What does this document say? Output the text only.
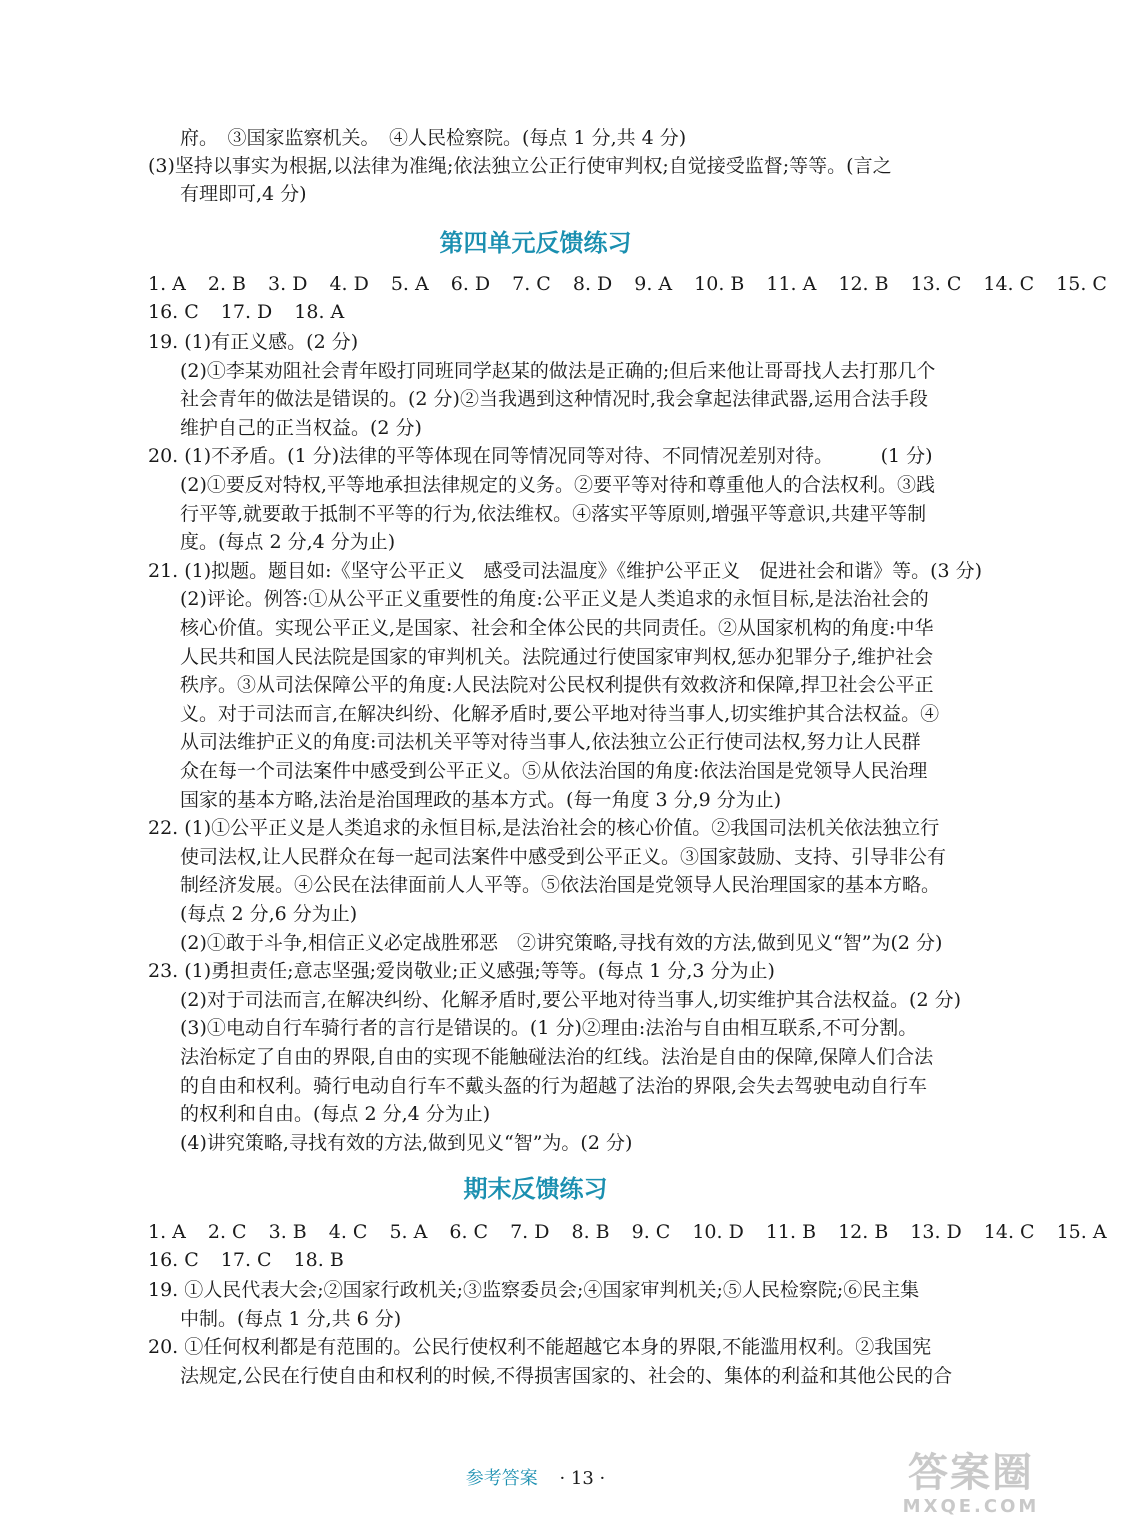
府。　③国家监察机关。　④人民检察院。(每点 1 分,共 4 分)
(3)坚持以事实为根据,以法律为准绳;依法独立公正行使审判权;自觉接受监督;等等。(言之
有理即可,4 分)
第四单元反馈练习
1. A 2. B 3. D 4. D 5. A 6. D 7. C 8. D 9. A 10. B 11. A 12. B 13. C 14. C 15. C
16. C 17. D 18. A
19. (1)有正义感。(2 分)
(2)①李某劝阻社会青年殴打同班同学赵某的做法是正确的;但后来他让哥哥找人去打那几个
社会青年的做法是错误的。(2 分)②当我遇到这种情况时,我会拿起法律武器,运用合法手段
维护自己的正当权益。(2 分)
20. (1)不矛盾。(1 分)法律的平等体现在同等情况同等对待、不同情况差别对待。　　　(1 分)
(2)①要反对特权,平等地承担法律规定的义务。②要平等对待和尊重他人的合法权利。③践
行平等,就要敢于抵制不平等的行为,依法维权。④落实平等原则,增强平等意识,共建平等制
度。(每点 2 分,4 分为止)
21. (1)拟题。题目如:《坚守公平正义　感受司法温度》《维护公平正义　促进社会和谐》等。(3 分)
(2)评论。例答:①从公平正义重要性的角度:公平正义是人类追求的永恒目标,是法治社会的
核心价值。实现公平正义,是国家、社会和全体公民的共同责任。②从国家机构的角度:中华
人民共和国人民法院是国家的审判机关。法院通过行使国家审判权,惩办犯罪分子,维护社会
秩序。③从司法保障公平的角度:人民法院对公民权利提供有效救济和保障,捍卫社会公平正
义。对于司法而言,在解决纠纷、化解矛盾时,要公平地对待当事人,切实维护其合法权益。④
从司法维护正义的角度:司法机关平等对待当事人,依法独立公正行使司法权,努力让人民群
众在每一个司法案件中感受到公平正义。⑤从依法治国的角度:依法治国是党领导人民治理
国家的基本方略,法治是治国理政的基本方式。(每一角度 3 分,9 分为止)
22. (1)①公平正义是人类追求的永恒目标,是法治社会的核心价值。②我国司法机关依法独立行
使司法权,让人民群众在每一起司法案件中感受到公平正义。③国家鼓励、支持、引导非公有
制经济发展。④公民在法律面前人人平等。⑤依法治国是党领导人民治理国家的基本方略。
(每点 2 分,6 分为止)
(2)①敢于斗争,相信正义必定战胜邪恶　②讲究策略,寻找有效的方法,做到见义“智”为(2 分)
23. (1)勇担责任;意志坚强;爱岗敬业;正义感强;等等。(每点 1 分,3 分为止)
(2)对于司法而言,在解决纠纷、化解矛盾时,要公平地对待当事人,切实维护其合法权益。(2 分)
(3)①电动自行车骑行者的言行是错误的。(1 分)②理由:法治与自由相互联系,不可分割。
法治标定了自由的界限,自由的实现不能触碰法治的红线。法治是自由的保障,保障人们合法
的自由和权利。骑行电动自行车不戴头盔的行为超越了法治的界限,会失去驾驶电动自行车
的权利和自由。(每点 2 分,4 分为止)
(4)讲究策略,寻找有效的方法,做到见义“智”为。(2 分)
期末反馈练习
1. A 2. C 3. B 4. C 5. A 6. C 7. D 8. B 9. C 10. D 11. B 12. B 13. D 14. C 15. A
16. C 17. C 18. B
19. ①人民代表大会;②国家行政机关;③监察委员会;④国家审判机关;⑤人民检察院;⑥民主集
中制。(每点 1 分,共 6 分)
20. ①任何权利都是有范围的。公民行使权利不能超越它本身的界限,不能滥用权利。②我国宪
法规定,公民在行使自由和权利的时候,不得损害国家的、社会的、集体的利益和其他公民的合
参考答案 · 13 ·	答案圈
MXQE.COM
